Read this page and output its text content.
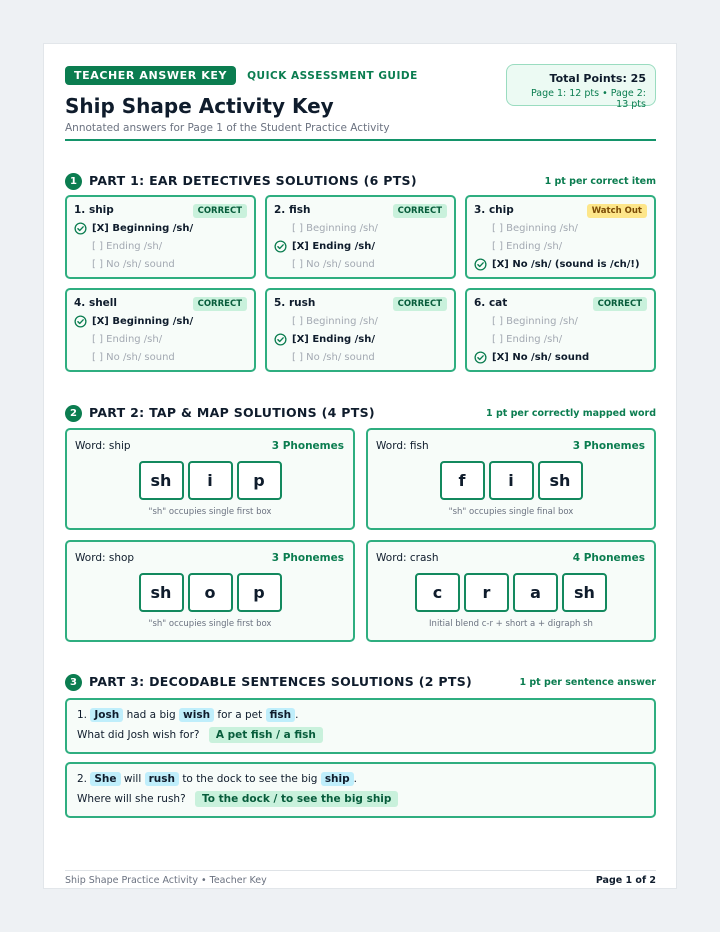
TEACHER ANSWER KEY QUICK ASSESSMENT GUIDE
Ship Shape Activity Key
Annotated answers for Page 1 of the Student Practice Activity
Total Points: 25
Page 1: 12 pts • Page 2: 13 pts
1 PART 1: EAR DETECTIVES SOLUTIONS (6 PTS)	1 pt per correct item
1. ship	CORRECT
[X] Beginning /sh/
[ ] Ending /sh/
[ ] No /sh/ sound
2. fish	CORRECT
[ ] Beginning /sh/
[X] Ending /sh/
[ ] No /sh/ sound
3. chip	Watch Out
[ ] Beginning /sh/
[ ] Ending /sh/
[X] No /sh/ (sound is /ch/!)
4. shell	CORRECT
[X] Beginning /sh/
[ ] Ending /sh/
[ ] No /sh/ sound
5. rush	CORRECT
[ ] Beginning /sh/
[X] Ending /sh/
[ ] No /sh/ sound
6. cat	CORRECT
[ ] Beginning /sh/
[ ] Ending /sh/
[X] No /sh/ sound
2 PART 2: TAP & MAP SOLUTIONS (4 PTS)	1 pt per correctly mapped word
Word: ship	3 Phonemes
sh i	p
"sh" occupies single first box
Word: fish	3 Phonemes
f	i sh
"sh" occupies single final box
Word: shop	3 Phonemes
sh o p
"sh" occupies single first box
Word: crash	4 Phonemes
c	r a sh
Initial blend c-r + short a + digraph sh
3 PART 3: DECODABLE SENTENCES SOLUTIONS (2 PTS)	1 pt per sentence answer
1. Josh had a big wish for a pet fish .
What did Josh wish for? A pet fish / a fish
2. She will rush to the dock to see the big ship .
Where will she rush? To the dock / to see the big ship
Ship Shape Practice Activity • Teacher Key	Page 1 of 2
